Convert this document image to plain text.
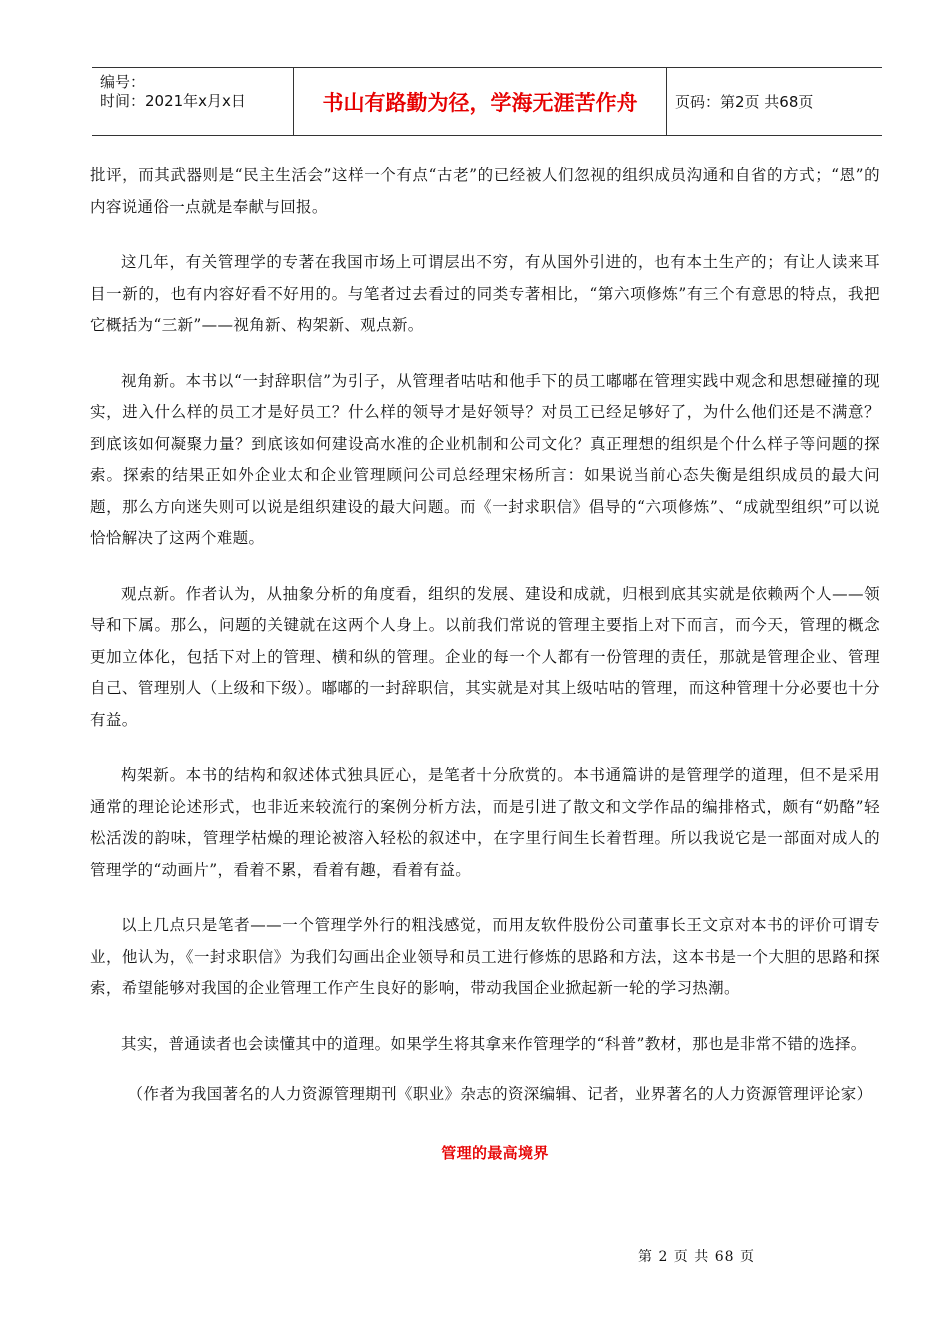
编号：
时间：2021年x月x日	书山有路勤为径，学海无涯苦作舟	页码：第2页 共68页

批评，而其武器则是“民主生活会”这样一个有点“古老”的已经被人们忽视的组织成员沟通和自省的方式；“恩”的内容说通俗一点就是奉献与回报。

这几年，有关管理学的专著在我国市场上可谓层出不穷，有从国外引进的，也有本土生产的；有让人读来耳目一新的，也有内容好看不好用的。与笔者过去看过的同类专著相比，“第六项修炼”有三个有意思的特点，我把它概括为“三新”——视角新、构架新、观点新。

视角新。本书以“一封辞职信”为引子，从管理者咕咕和他手下的员工嘟嘟在管理实践中观念和思想碰撞的现实，进入什么样的员工才是好员工？什么样的领导才是好领导？对员工已经足够好了，为什么他们还是不满意？到底该如何凝聚力量？到底该如何建设高水准的企业机制和公司文化？真正理想的组织是个什么样子等问题的探索。探索的结果正如外企业太和企业管理顾问公司总经理宋杨所言：如果说当前心态失衡是组织成员的最大问题，那么方向迷失则可以说是组织建设的最大问题。而《一封求职信》倡导的“六项修炼”、“成就型组织”可以说恰恰解决了这两个难题。

观点新。作者认为，从抽象分析的角度看，组织的发展、建设和成就，归根到底其实就是依赖两个人——领导和下属。那么，问题的关键就在这两个人身上。以前我们常说的管理主要指上对下而言，而今天，管理的概念更加立体化，包括下对上的管理、横和纵的管理。企业的每一个人都有一份管理的责任，那就是管理企业、管理自己、管理别人（上级和下级）。嘟嘟的一封辞职信，其实就是对其上级咕咕的管理，而这种管理十分必要也十分有益。

构架新。本书的结构和叙述体式独具匠心，是笔者十分欣赏的。本书通篇讲的是管理学的道理，但不是采用通常的理论论述形式，也非近来较流行的案例分析方法，而是引进了散文和文学作品的编排格式，颇有“奶酪”轻松活泼的韵味，管理学枯燥的理论被溶入轻松的叙述中，在字里行间生长着哲理。所以我说它是一部面对成人的管理学的“动画片”，看着不累，看着有趣，看着有益。

以上几点只是笔者——一个管理学外行的粗浅感觉，而用友软件股份公司董事长王文京对本书的评价可谓专业，他认为，《一封求职信》为我们勾画出企业领导和员工进行修炼的思路和方法，这本书是一个大胆的思路和探索，希望能够对我国的企业管理工作产生良好的影响，带动我国企业掀起新一轮的学习热潮。

其实，普通读者也会读懂其中的道理。如果学生将其拿来作管理学的“科普”教材，那也是非常不错的选择。

（作者为我国著名的人力资源管理期刊《职业》杂志的资深编辑、记者，业界著名的人力资源管理评论家）

管理的最高境界
第 2 页 共 68 页
